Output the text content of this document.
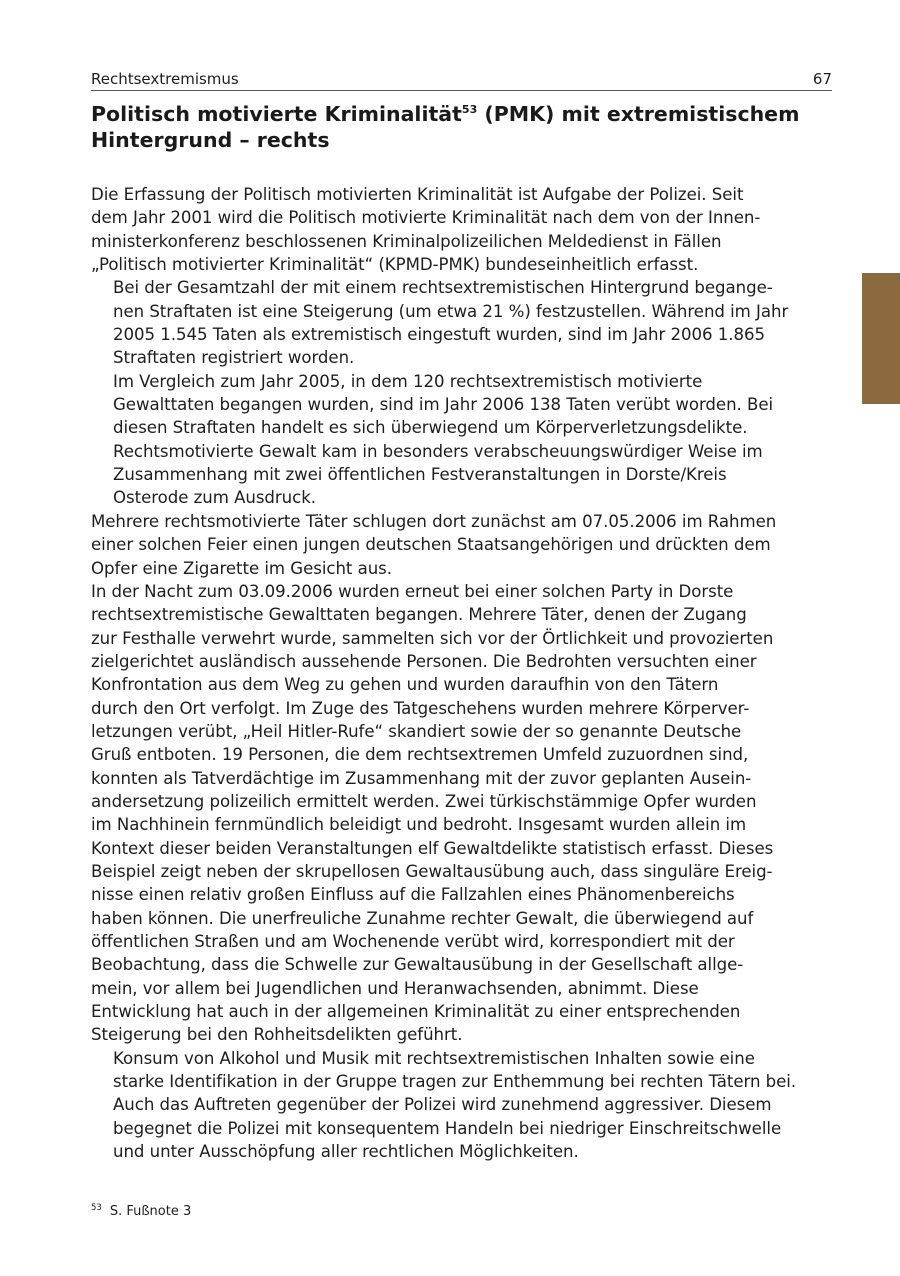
Rechtsextremismus	67
Politisch motivierte Kriminalität$^{53}$ (PMK) mit extremistischem
Hintergrund – rechts

Die Erfassung der Politisch motivierten Kriminalität ist Aufgabe der Polizei. Seit
dem Jahr 2001 wird die Politisch motivierte Kriminalität nach dem von der Innen-
ministerkonferenz beschlossenen Kriminalpolizeilichen Meldedienst in Fällen
„Politisch motivierter Kriminalität“ (KPMD-PMK) bundeseinheitlich erfasst.

Bei der Gesamtzahl der mit einem rechtsextremistischen Hintergrund begange-
nen Straftaten ist eine Steigerung (um etwa 21 %) festzustellen. Während im Jahr
2005 1.545 Taten als extremistisch eingestuft wurden, sind im Jahr 2006 1.865
Straftaten registriert worden.

Im Vergleich zum Jahr 2005, in dem 120 rechtsextremistisch motivierte
Gewalttaten begangen wurden, sind im Jahr 2006 138 Taten verübt worden. Bei
diesen Straftaten handelt es sich überwiegend um Körperverletzungsdelikte.

Rechtsmotivierte Gewalt kam in besonders verabscheuungswürdiger Weise im
Zusammenhang mit zwei öffentlichen Festveranstaltungen in Dorste/Kreis
Osterode zum Ausdruck.

Mehrere rechtsmotivierte Täter schlugen dort zunächst am 07.05.2006 im Rahmen
einer solchen Feier einen jungen deutschen Staatsangehörigen und drückten dem
Opfer eine Zigarette im Gesicht aus.

In der Nacht zum 03.09.2006 wurden erneut bei einer solchen Party in Dorste
rechtsextremistische Gewalttaten begangen. Mehrere Täter, denen der Zugang
zur Festhalle verwehrt wurde, sammelten sich vor der Örtlichkeit und provozierten
zielgerichtet ausländisch aussehende Personen. Die Bedrohten versuchten einer
Konfrontation aus dem Weg zu gehen und wurden daraufhin von den Tätern
durch den Ort verfolgt. Im Zuge des Tatgeschehens wurden mehrere Körperver-
letzungen verübt, „Heil Hitler-Rufe“ skandiert sowie der so genannte Deutsche
Gruß entboten. 19 Personen, die dem rechtsextremen Umfeld zuzuordnen sind,
konnten als Tatverdächtige im Zusammenhang mit der zuvor geplanten Ausein-
andersetzung polizeilich ermittelt werden. Zwei türkischstämmige Opfer wurden
im Nachhinein fernmündlich beleidigt und bedroht. Insgesamt wurden allein im
Kontext dieser beiden Veranstaltungen elf Gewaltdelikte statistisch erfasst. Dieses
Beispiel zeigt neben der skrupellosen Gewaltausübung auch, dass singuläre Ereig-
nisse einen relativ großen Einfluss auf die Fallzahlen eines Phänomenbereichs
haben können. Die unerfreuliche Zunahme rechter Gewalt, die überwiegend auf
öffentlichen Straßen und am Wochenende verübt wird, korrespondiert mit der
Beobachtung, dass die Schwelle zur Gewaltausübung in der Gesellschaft allge-
mein, vor allem bei Jugendlichen und Heranwachsenden, abnimmt. Diese
Entwicklung hat auch in der allgemeinen Kriminalität zu einer entsprechenden
Steigerung bei den Rohheitsdelikten geführt.

Konsum von Alkohol und Musik mit rechtsextremistischen Inhalten sowie eine
starke Identifikation in der Gruppe tragen zur Enthemmung bei rechten Tätern bei.

Auch das Auftreten gegenüber der Polizei wird zunehmend aggressiver. Diesem
begegnet die Polizei mit konsequentem Handeln bei niedriger Einschreitschwelle
und unter Ausschöpfung aller rechtlichen Möglichkeiten.

$^{53}$ S. Fußnote 3
